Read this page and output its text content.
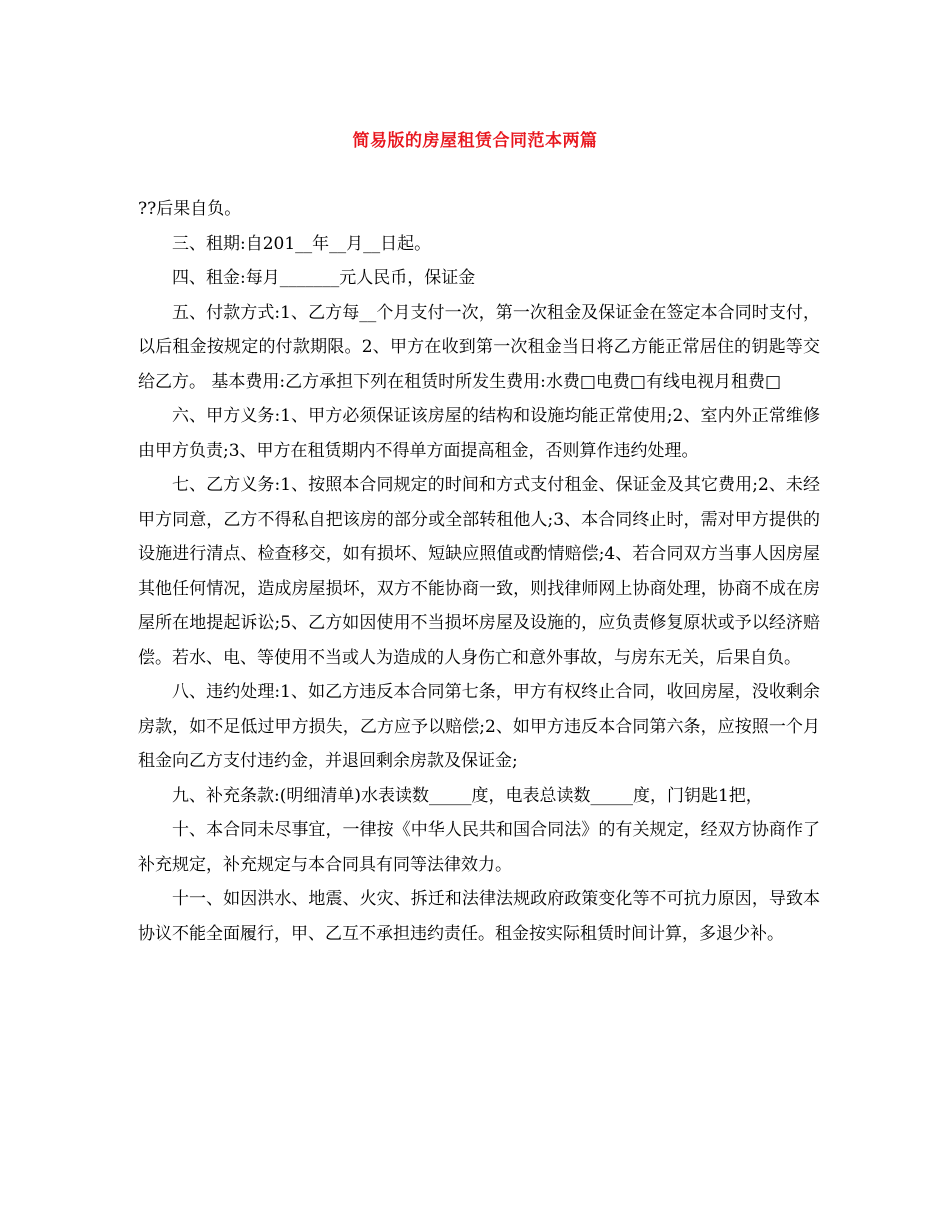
简易版的房屋租赁合同范本两篇

??后果自负。

三、租期:自201__年__月__日起。

四、租金:每月_______元人民币，保证金

五、付款方式:1、乙方每__个月支付一次，第一次租金及保证金在签定本合同时支付，以后租金按规定的付款期限。2、甲方在收到第一次租金当日将乙方能正常居住的钥匙等交给乙方。 基本费用:乙方承担下列在租赁时所发生费用:水费□电费□有线电视月租费□

六、甲方义务:1、甲方必须保证该房屋的结构和设施均能正常使用;2、室内外正常维修由甲方负责;3、甲方在租赁期内不得单方面提高租金，否则算作违约处理。

七、乙方义务:1、按照本合同规定的时间和方式支付租金、保证金及其它费用;2、未经甲方同意，乙方不得私自把该房的部分或全部转租他人;3、本合同终止时，需对甲方提供的设施进行清点、检查移交，如有损坏、短缺应照值或酌情赔偿;4、若合同双方当事人因房屋其他任何情况，造成房屋损坏，双方不能协商一致，则找律师网上协商处理，协商不成在房屋所在地提起诉讼;5、乙方如因使用不当损坏房屋及设施的，应负责修复原状或予以经济赔偿。若水、电、等使用不当或人为造成的人身伤亡和意外事故，与房东无关，后果自负。

八、违约处理:1、如乙方违反本合同第七条，甲方有权终止合同，收回房屋，没收剩余房款，如不足低过甲方损失，乙方应予以赔偿;2、如甲方违反本合同第六条，应按照一个月租金向乙方支付违约金，并退回剩余房款及保证金;

九、补充条款:(明细清单)水表读数_____度，电表总读数_____度，门钥匙1把，

十、本合同未尽事宜，一律按《中华人民共和国合同法》的有关规定，经双方协商作了补充规定，补充规定与本合同具有同等法律效力。

十一、如因洪水、地震、火灾、拆迁和法律法规政府政策变化等不可抗力原因，导致本协议不能全面履行，甲、乙互不承担违约责任。租金按实际租赁时间计算，多退少补。
